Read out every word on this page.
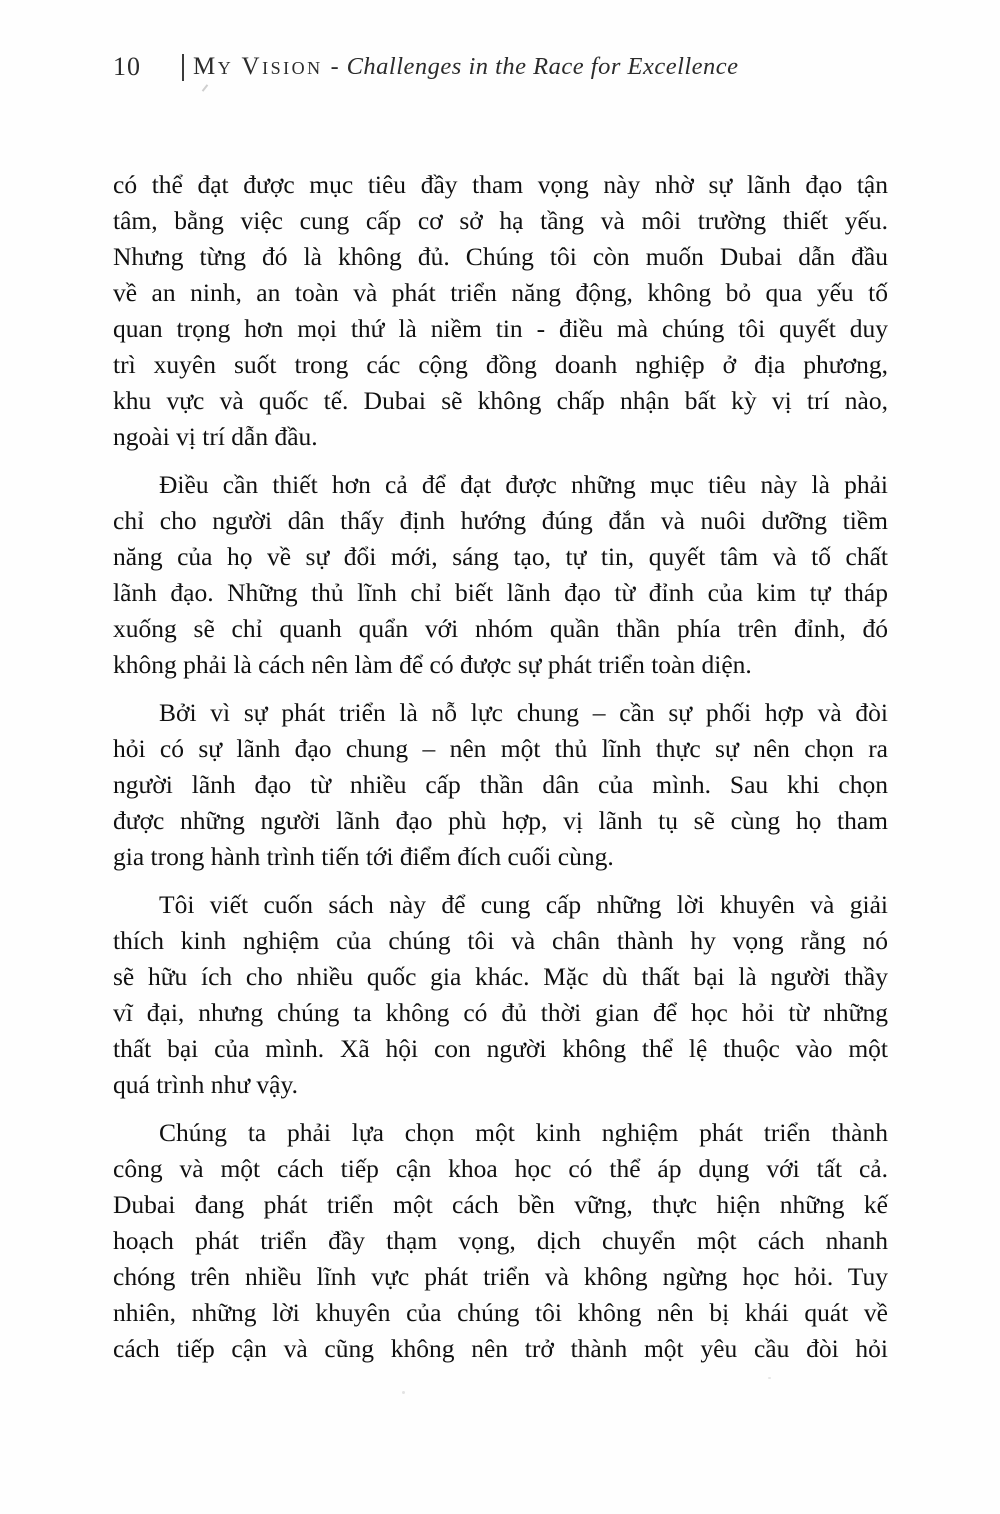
10 My Vision - Challenges in the Race for Excellence
có thể đạt được mục tiêu đầy tham vọng này nhờ sự lãnh đạo tận
tâm, bằng việc cung cấp cơ sở hạ tầng và môi trường thiết yếu.
Nhưng từng đó là không đủ. Chúng tôi còn muốn Dubai dẫn đầu
về an ninh, an toàn và phát triển năng động, không bỏ qua yếu tố
quan trọng hơn mọi thứ là niềm tin - điều mà chúng tôi quyết duy
trì xuyên suốt trong các cộng đồng doanh nghiệp ở địa phương,
khu vực và quốc tế. Dubai sẽ không chấp nhận bất kỳ vị trí nào,
ngoài vị trí dẫn đầu.
Điều cần thiết hơn cả để đạt được những mục tiêu này là phải
chỉ cho người dân thấy định hướng đúng đắn và nuôi dưỡng tiềm
năng của họ về sự đổi mới, sáng tạo, tự tin, quyết tâm và tố chất
lãnh đạo. Những thủ lĩnh chỉ biết lãnh đạo từ đỉnh của kim tự tháp
xuống sẽ chỉ quanh quẩn với nhóm quần thần phía trên đỉnh, đó
không phải là cách nên làm để có được sự phát triển toàn diện.
Bởi vì sự phát triển là nỗ lực chung – cần sự phối hợp và đòi
hỏi có sự lãnh đạo chung – nên một thủ lĩnh thực sự nên chọn ra
người lãnh đạo từ nhiều cấp thần dân của mình. Sau khi chọn
được những người lãnh đạo phù hợp, vị lãnh tụ sẽ cùng họ tham
gia trong hành trình tiến tới điểm đích cuối cùng.
Tôi viết cuốn sách này để cung cấp những lời khuyên và giải
thích kinh nghiệm của chúng tôi và chân thành hy vọng rằng nó
sẽ hữu ích cho nhiều quốc gia khác. Mặc dù thất bại là người thầy
vĩ đại, nhưng chúng ta không có đủ thời gian để học hỏi từ những
thất bại của mình. Xã hội con người không thể lệ thuộc vào một
quá trình như vậy.
Chúng ta phải lựa chọn một kinh nghiệm phát triển thành
công và một cách tiếp cận khoa học có thể áp dụng với tất cả.
Dubai đang phát triển một cách bền vững, thực hiện những kế
hoạch phát triển đầy thạm vọng, dịch chuyển một cách nhanh
chóng trên nhiều lĩnh vực phát triển và không ngừng học hỏi. Tuy
nhiên, những lời khuyên của chúng tôi không nên bị khái quát về
cách tiếp cận và cũng không nên trở thành một yêu cầu đòi hỏi
